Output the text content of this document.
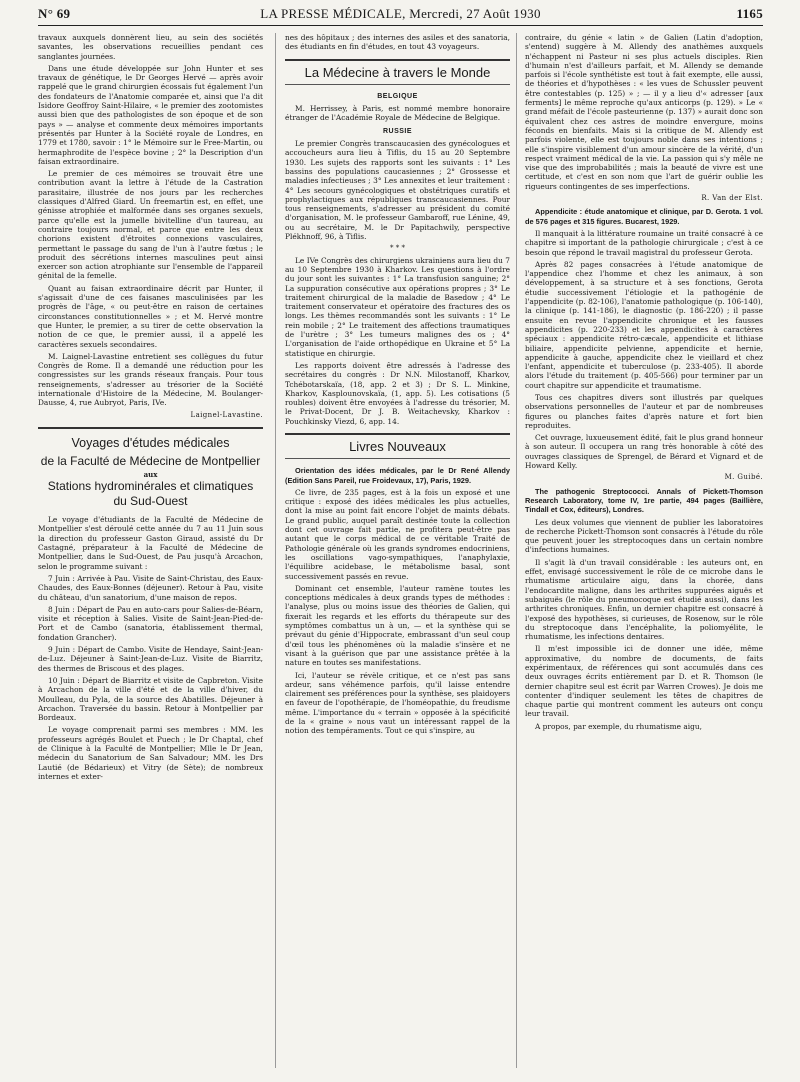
N° 69	LA PRESSE MÉDICALE, Mercredi, 27 Août 1930	1165

travaux auxquels donnèrent lieu, au sein des sociétés savantes, les observations recueillies pendant ces sanglantes journées.

Dans une étude développée sur John Hunter et ses travaux de génétique, le Dr Georges Hervé — après avoir rappelé que le grand chirurgien écossais fut également l'un des fondateurs de l'Anatomie comparée et, ainsi que l'a dit Isidore Geoffroy Saint-Hilaire, « le premier des zootomistes aussi bien que des pathologistes de son époque et de son pays » — analyse et commente deux mémoires importants présentés par Hunter à la Société royale de Londres, en 1779 et 1780, savoir : 1° le Mémoire sur le Free-Martin, ou hermaphrodite de l'espèce bovine ; 2° la Description d'un faisan extraordinaire.

Le premier de ces mémoires se trouvait être une contribution avant la lettre à l'étude de la Castration parasitaire, illustrée de nos jours par les recherches classiques d'Alfred Giard. Un freemartin est, en effet, une génisse atrophiée et malformée dans ses organes sexuels, parce qu'elle est la jumelle bivitelline d'un taureau, au contraire toujours normal, et parce que entre les deux chorions existent d'étroites connexions vasculaires, permettant le passage du sang de l'un à l'autre fœtus ; le produit des sécrétions internes masculines peut ainsi exercer son action atrophiante sur l'ensemble de l'appareil génital de la femelle.

Quant au faisan extraordinaire décrit par Hunter, il s'agissait d'une de ces faisanes masculinisées par les progrès de l'âge, « ou peut-être en raison de certaines circonstances constitutionnelles » ; et M. Hervé montre que Hunter, le premier, a su tirer de cette observation la notion de ce que, le premier aussi, il a appelé les caractères sexuels secondaires.

M. Laignel-Lavastine entretient ses collègues du futur Congrès de Rome. Il a demandé une réduction pour les congressistes sur les grands réseaux français. Pour tous renseignements, s'adresser au trésorier de la Société internationale d'Histoire de la Médecine, M. Boulanger-Dausse, 4, rue Aubryot, Paris, IVe.

Laignel-Lavastine.
Voyages d'études médicales
de la Faculté de Médecine de Montpellier
aux
Stations hydrominérales et climatiques
du Sud-Ouest

Le voyage d'étudiants de la Faculté de Médecine de Montpellier s'est déroulé cette année du 7 au 11 Juin sous la direction du professeur Gaston Giraud, assisté du Dr Castagné, préparateur à la Faculté de Médecine de Montpellier, dans le Sud-Ouest, de Pau jusqu'à Arcachon, selon le programme suivant :

7 Juin : Arrivée à Pau. Visite de Saint-Christau, des Eaux-Chaudes, des Eaux-Bonnes (déjeuner). Retour à Pau, visite du château, d'un sanatorium, d'une maison de repos.

8 Juin : Départ de Pau en auto-cars pour Salies-de-Béarn, visite et réception à Salies. Visite de Saint-Jean-Pied-de-Port et de Cambo (sanatoria, établissement thermal, fondation Grancher).

9 Juin : Départ de Cambo. Visite de Hendaye, Saint-Jean-de-Luz. Déjeuner à Saint-Jean-de-Luz. Visite de Biarritz, des thermes de Briscous et des plages.

10 Juin : Départ de Biarritz et visite de Capbreton. Visite à Arcachon de la ville d'été et de la ville d'hiver, du Moulleau, du Pyla, de la source des Abatilles. Déjeuner à Arcachon. Traversée du bassin. Retour à Montpellier par Bordeaux.

Le voyage comprenait parmi ses membres : MM. les professeurs agrégés Boulet et Puech ; le Dr Chaptal, chef de Clinique à la Faculté de Montpellier; Mlle le Dr Jean, médecin du Sanatorium de San Salvadour; MM. les Drs Lautié (de Bédarieux) et Vitry (de Sète); de nombreux internes et exter-

nes des hôpitaux ; des internes des asiles et des sanatoria, des étudiants en fin d'études, en tout 43 voyageurs.

La Médecine à travers le Monde
BELGIQUE

M. Herrissey, à Paris, est nommé membre honoraire étranger de l'Académie Royale de Médecine de Belgique.

RUSSIE

Le premier Congrès transcaucasien des gynécologues et accoucheurs aura lieu à Tiflis, du 15 au 20 Septembre 1930. Les sujets des rapports sont les suivants : 1° Les bassins des populations caucasiennes ; 2° Grossesse et maladies infectieuses ; 3° Les annexites et leur traitement : 4° Les secours gynécologiques et obstétriques curatifs et prophylactiques aux républiques transcaucasiennes. Pour tous renseignements, s'adresser au président du comité d'organisation, M. le professeur Gambaroff, rue Lénine, 49, ou au secrétaire, M. le Dr Papitachwily, perspective Plékhnoff, 96, à Tiflis.

* * *

Le IVe Congrès des chirurgiens ukrainiens aura lieu du 7 au 10 Septembre 1930 à Kharkov. Les questions à l'ordre du jour sont les suivantes : 1° La transfusion sanguine; 2° La suppuration consécutive aux opérations propres ; 3° Le traitement chirurgical de la maladie de Basedow ; 4° Le traitement conservateur et opératoire des fractures des os longs. Les thèmes recommandés sont les suivants : 1° Le rein mobile ; 2° Le traitement des affections traumatiques de l'urètre ; 3° Les tumeurs malignes des os ; 4° L'organisation de l'aide orthopédique en Ukraine et 5° La statistique en chirurgie.

Les rapports doivent être adressés à l'adresse des secrétaires du congrès : Dr N.N. Milostanoff, Kharkov, Tchébotarskaïa, (18, app. 2 et 3) ; Dr S. L. Minkine, Kharkov, Kasplounovskaïa, (1, app. 5). Les cotisations (5 roubles) doivent être envoyées à l'adresse du trésorier, M. le Privat-Docent, Dr J. B. Weitachevsky, Kharkov : Pouchkinsky Viezd, 6, app. 14.

Livres Nouveaux

Orientation des idées médicales, par le Dr René Allendy (Edition Sans Pareil, rue Froidevaux, 17), Paris, 1929.

Ce livre, de 235 pages, est à la fois un exposé et une critique : exposé des idées médicales les plus actuelles, dont la mise au point fait encore l'objet de maints débats. Le grand public, auquel paraît destinée toute la collection dont cet ouvrage fait partie, ne profitera peut-être pas autant que le corps médical de ce véritable Traité de Pathologie générale où les grands syndromes endocriniens, les oscillations vago-sympathiques, l'anaphylaxie, l'équilibre acidebase, le métabolisme basal, sont successivement passés en revue.

Dominant cet ensemble, l'auteur ramène toutes les conceptions médicales à deux grands types de méthodes : l'analyse, plus ou moins issue des théories de Galien, qui fixerait les regards et les efforts du thérapeute sur des symptômes combattus un à un, — et la synthèse qui se prévaut du génie d'Hippocrate, embrassant d'un seul coup d'œil tous les phénomènes où la maladie s'insère et ne visant à la guérison que par une assistance prêtée à la nature en toutes ses manifestations.

Ici, l'auteur se révèle critique, et ce n'est pas sans ardeur, sans véhémence parfois, qu'il laisse entendre clairement ses préférences pour la synthèse, ses plaidoyers en faveur de l'opothérapie, de l'homéopathie, du freudisme même. L'importance du « terrain » opposée à la spécificité de la « graine » nous vaut un intéressant rappel de la notion des tempéraments. Tout ce qui s'inspire, au

contraire, du génie « latin » de Galien (Latin d'adoption, s'entend) suggère à M. Allendy des anathèmes auxquels n'échappent ni Pasteur ni ses plus actuels disciples. Rien d'humain n'est d'ailleurs parfait, et M. Allendy se demande parfois si l'école synthétiste est tout à fait exempte, elle aussi, de théories et d'hypothèses : « les vues de Schussler peuvent être contestables (p. 125) » ; — il y a lieu d'« adresser [aux ferments] le même reproche qu'aux anticorps (p. 129). » Le « grand méfait de l'école pasteurienne (p. 137) » aurait donc son équivalent chez ces astres de moindre envergure, moins féconds en bienfaits. Mais si la critique de M. Allendy est parfois violente, elle est toujours noble dans ses intentions ; elle s'inspire visiblement d'un amour sincère de la vérité, d'un respect vraiment médical de la vie. La passion qui s'y mêle ne vise que des improbabilités ; mais la beauté de vivre est une certitude, et c'est en son nom que l'art de guérir oublie les rigueurs contingentes de ses imperfections.

R. Van der Elst.

Appendicite : étude anatomique et clinique, par D. Gerota. 1 vol. de 576 pages et 315 figures. Bucarest, 1929.

Il manquait à la littérature roumaine un traité consacré à ce chapitre si important de la pathologie chirurgicale ; c'est à ce besoin que répond le travail magistral du professeur Gerota.

Après 82 pages consacrées à l'étude anatomique de l'appendice chez l'homme et chez les animaux, à son développement, à sa structure et à ses fonctions, Gerota étudie successivement l'étiologie et la pathogénie de l'appendicite (p. 82-106), l'anatomie pathologique (p. 106-140), la clinique (p. 141-186), le diagnostic (p. 186-220) ; il passe ensuite en revue l'appendicite chronique et les fausses appendicites (p. 220-233) et les appendicites à caractères spéciaux : appendicite rétro-cæcale, appendicite et lithiase biliaire, appendicite pelvienne, appendicite et hernie, appendicite à gauche, appendicite chez le vieillard et chez l'enfant, appendicite et tuberculose (p. 233-405). Il aborde alors l'étude du traitement (p. 405-566) pour terminer par un court chapitre sur appendicite et traumatisme.

Tous ces chapitres divers sont illustrés par quelques observations personnelles de l'auteur et par de nombreuses figures ou planches faites d'après nature et fort bien reproduites.

Cet ouvrage, luxueusement édité, fait le plus grand honneur à son auteur. Il occupera un rang très honorable à côté des ouvrages classiques de Sprengel, de Bérard et Vignard et de Howard Kelly.

M. Guibé.

The pathogenic Streptococci. Annals of Pickett-Thomson Research Laboratory, tome IV, 1re partie, 494 pages (Baillière, Tindall et Cox, éditeurs), Londres.

Les deux volumes que viennent de publier les laboratoires de recherche Pickett-Thomson sont consacrés à l'étude du rôle que peuvent jouer les streptocoques dans un certain nombre d'infections humaines.

Il s'agit là d'un travail considérable : les auteurs ont, en effet, envisagé successivement le rôle de ce microbe dans le rhumatisme articulaire aigu, dans la chorée, dans l'endocardite maligne, dans les arthrites suppurées aiguës et subaiguës (le rôle du pneumocoque est étudié aussi), dans les arthrites chroniques. Enfin, un dernier chapitre est consacré à l'exposé des hypothèses, si curieuses, de Rosenow, sur le rôle du streptocoque dans l'encéphalite, la poliomyélite, le rhumatisme, les infections dentaires.

Il m'est impossible ici de donner une idée, même approximative, du nombre de documents, de faits expérimentaux, de références qui sont accumulés dans ces deux ouvrages écrits entièrement par D. et R. Thomson (le dernier chapitre seul est écrit par Warren Crowes). Je dois me contenter d'indiquer seulement les têtes de chapitres de chaque partie qui montrent comment les auteurs ont conçu leur travail.

A propos, par exemple, du rhumatisme aigu,
